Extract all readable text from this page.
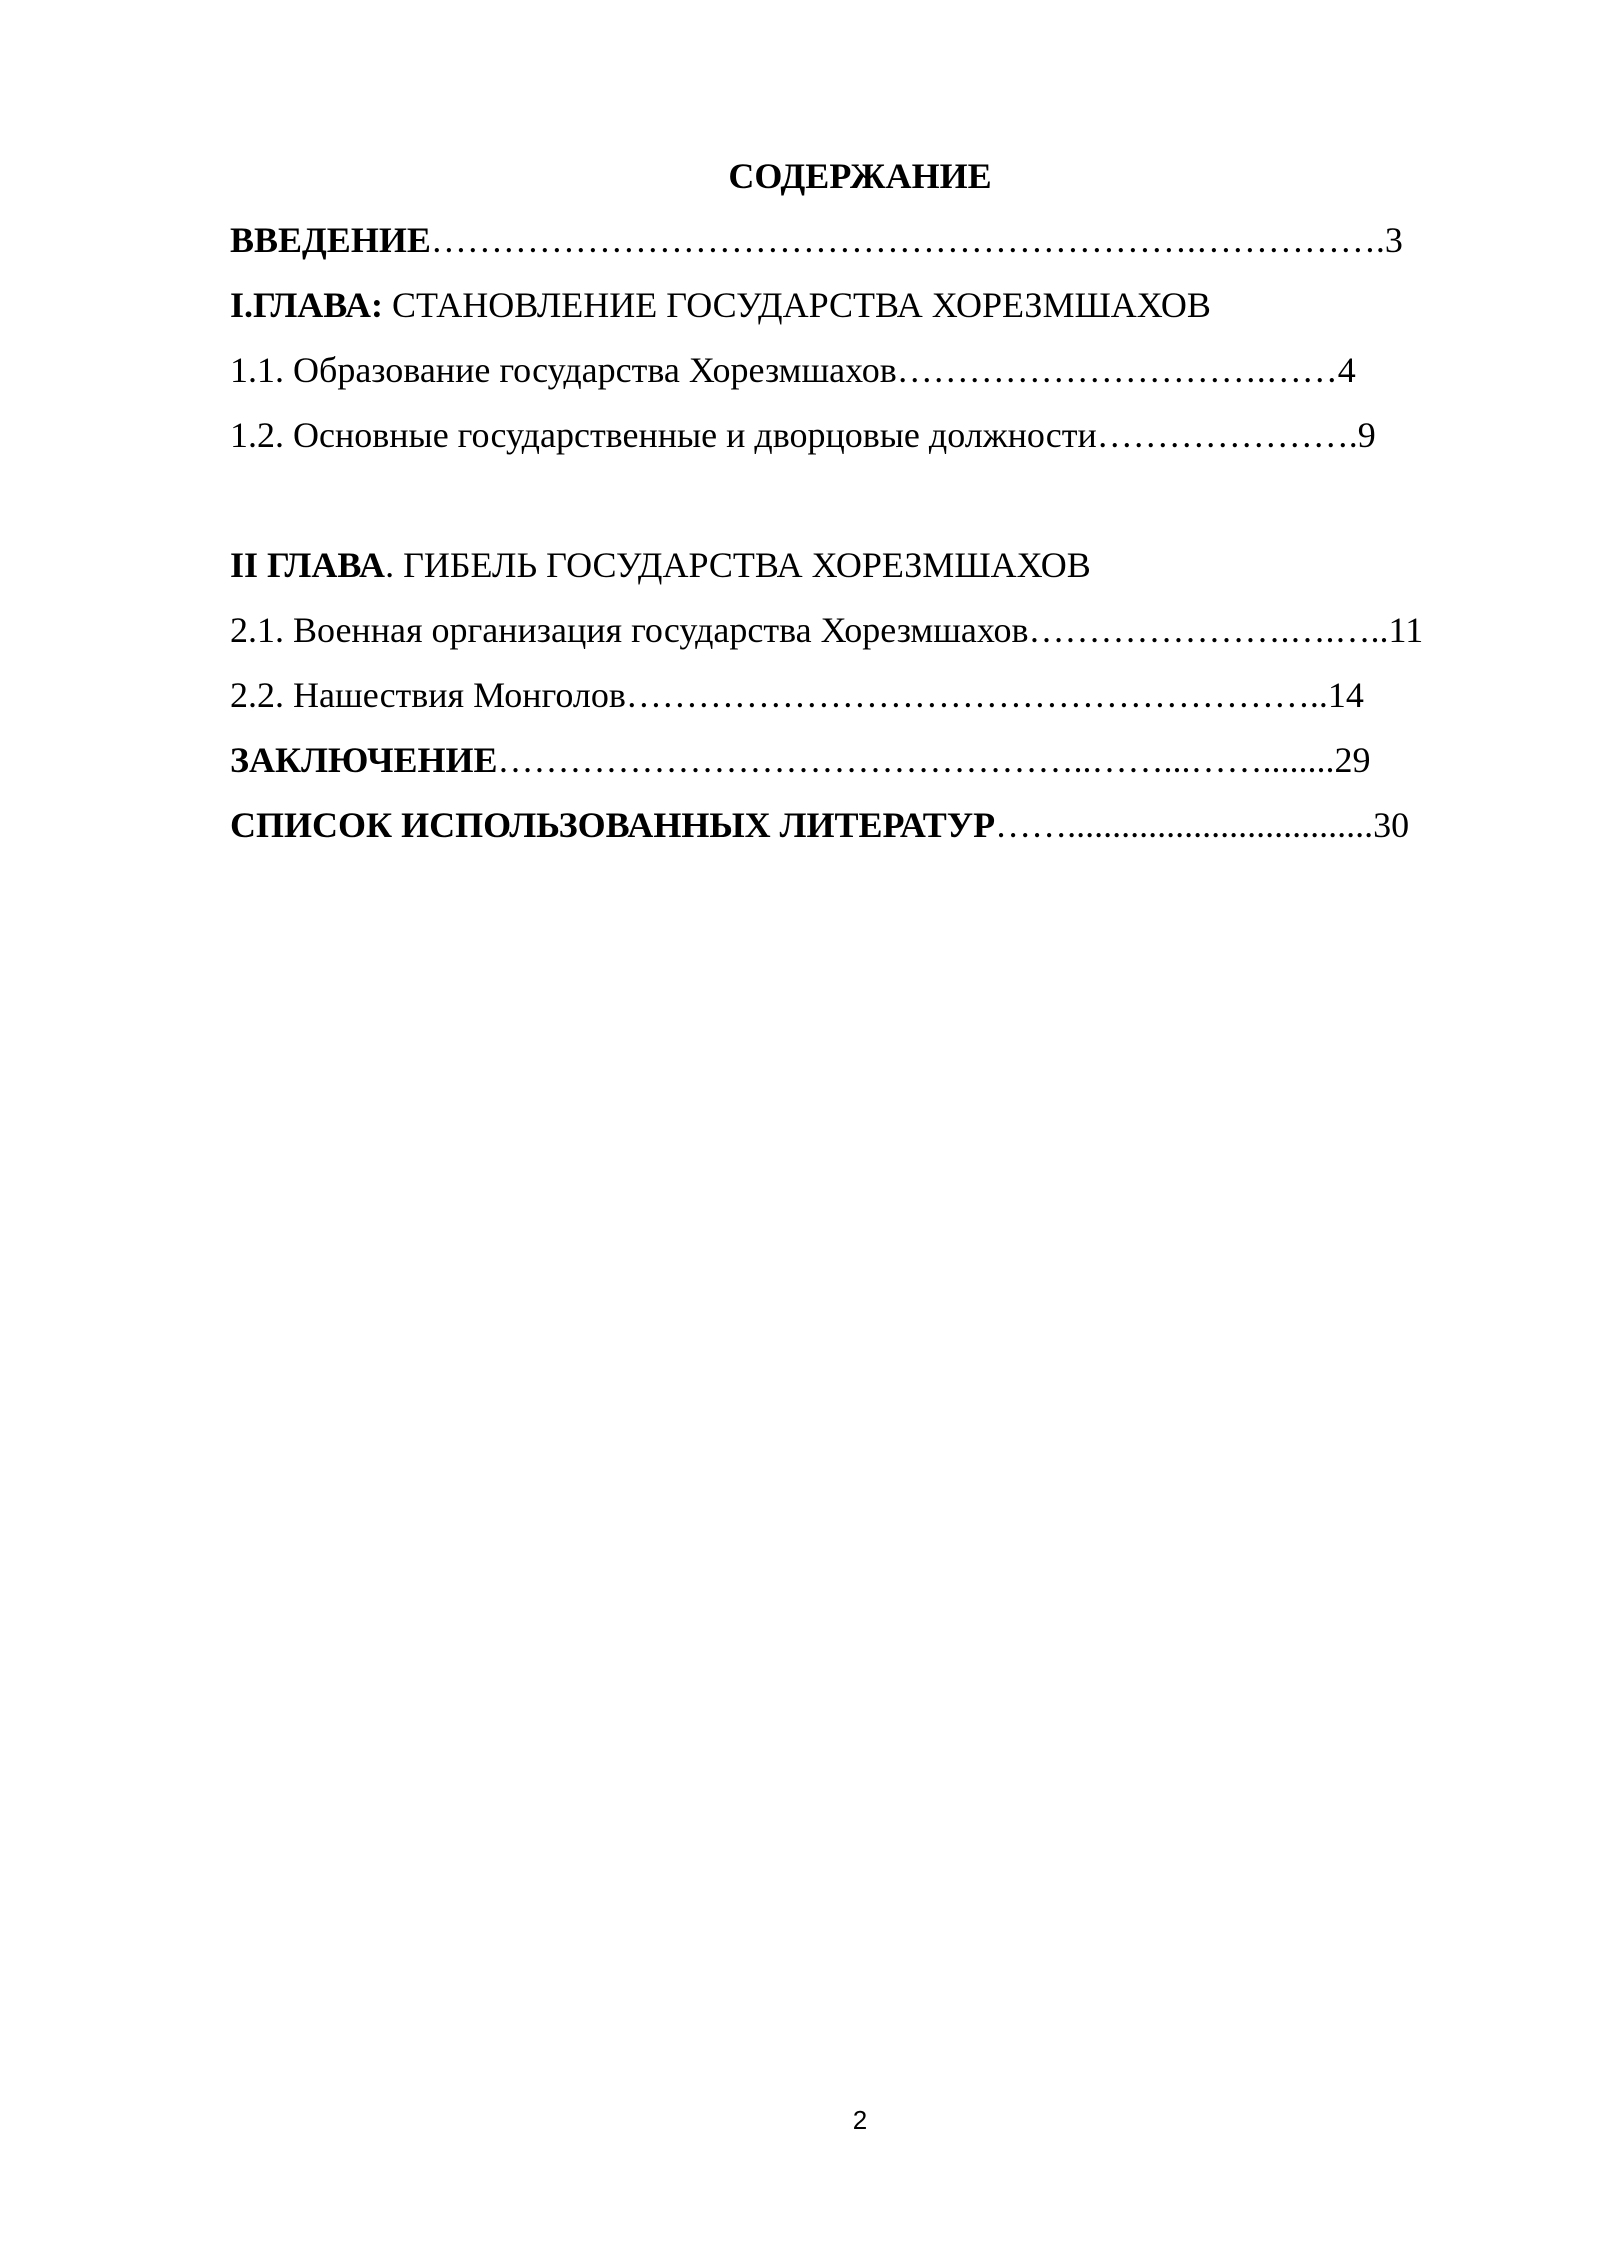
СОДЕРЖАНИЕ
ВВЕДЕНИЕ……………………………………………………….…………….3
I.ГЛАВА: СТАНОВЛЕНИЕ ГОСУДАРСТВА ХОРЕЗМШАХОВ
1.1. Образование государства Хорезмшахов………………………….……4
1.2. Основные государственные и дворцовые должности………………….9
II ГЛАВА. ГИБЕЛЬ ГОСУДАРСТВА ХОРЕЗМШАХОВ
2.1. Военная организация государства Хорезмшахов………………….….…..11
2.2. Нашествия Монголов…………………………………………………..14
ЗАКЛЮЧЕНИЕ…………………………………………..……...……........29
СПИСОК ИСПОЛЬЗОВАННЫХ ЛИТЕРАТУР……..................................30
2
